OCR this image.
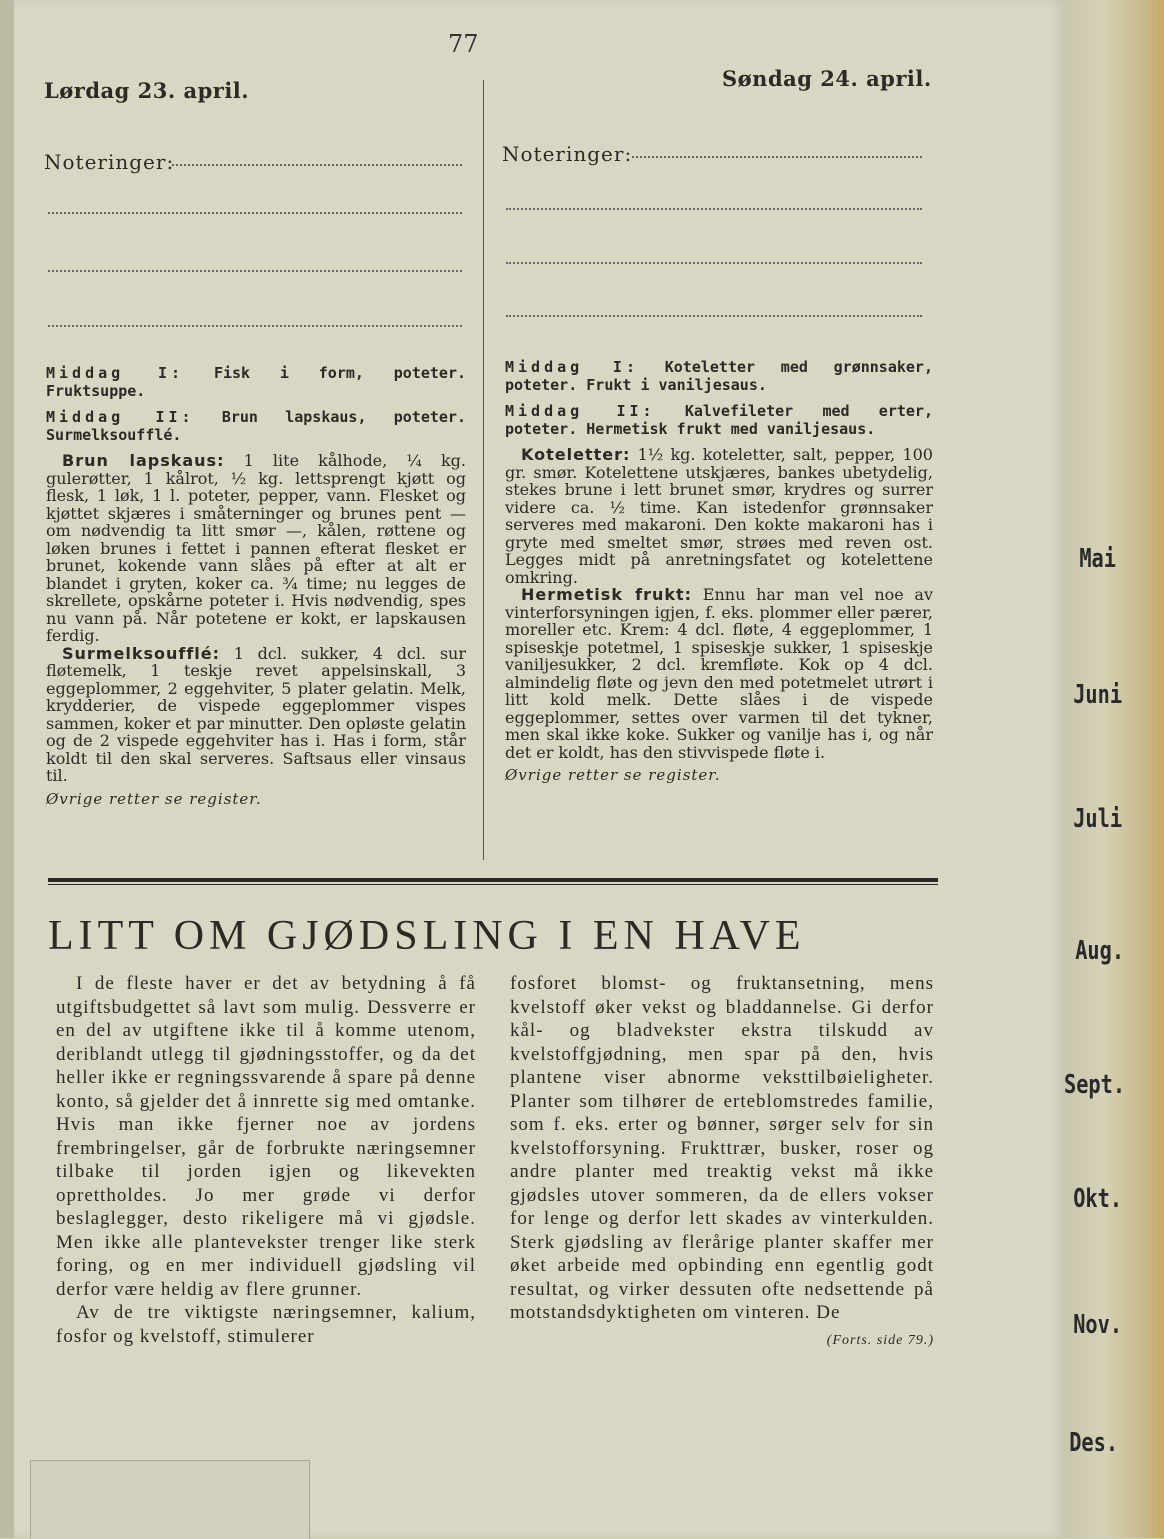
77
Lørdag 23. april.
Noteringer:
Middag I: Fisk i form, poteter. Fruktsuppe.
Middag II: Brun lapskaus, poteter. Surmelksoufflé.

Brun lapskaus: 1 lite kålhode, ¼ kg. gulerøtter, 1 kålrot, ½ kg. lettsprengt kjøtt og flesk, 1 løk, 1 l. poteter, pepper, vann. Flesket og kjøttet skjæres i småterninger og brunes pent — om nødvendig ta litt smør —, kålen, røttene og løken brunes i fettet i pannen efterat flesket er brunet, kokende vann slåes på efter at alt er blandet i gryten, koker ca. ¾ time; nu legges de skrellete, opskårne poteter i. Hvis nødvendig, spes nu vann på. Når potetene er kokt, er lapskausen ferdig.

Surmelksoufflé: 1 dcl. sukker, 4 dcl. sur fløtemelk, 1 teskje revet appelsinskall, 3 eggeplommer, 2 eggehviter, 5 plater gelatin. Melk, krydderier, de vispede eggeplommer vispes sammen, koker et par minutter. Den opløste gelatin og de 2 vispede eggehviter has i. Has i form, står koldt til den skal serveres. Saftsaus eller vinsaus til.

Øvrige retter se register.
Søndag 24. april.
Noteringer:
Middag I: Koteletter med grønnsaker, poteter. Frukt i vaniljesaus.
Middag II: Kalvefileter med erter, poteter. Hermetisk frukt med vaniljesaus.

Koteletter: 1½ kg. koteletter, salt, pepper, 100 gr. smør. Kotelettene utskjæres, bankes ubetydelig, stekes brune i lett brunet smør, krydres og surrer videre ca. ½ time. Kan istedenfor grønnsaker serveres med makaroni. Den kokte makaroni has i gryte med smeltet smør, strøes med reven ost. Legges midt på anretningsfatet og kotelettene omkring.

Hermetisk frukt: Ennu har man vel noe av vinterforsyningen igjen, f. eks. plommer eller pærer, moreller etc. Krem: 4 dcl. fløte, 4 eggeplommer, 1 spiseskje potetmel, 1 spiseskje sukker, 1 spiseskje vaniljesukker, 2 dcl. kremfløte. Kok op 4 dcl. almindelig fløte og jevn den med potetmelet utrørt i litt kold melk. Dette slåes i de vispede eggeplommer, settes over varmen til det tykner, men skal ikke koke. Sukker og vanilje has i, og når det er koldt, has den stivvispede fløte i.

Øvrige retter se register.
LITT OM GJØDSLING I EN HAVE

I de fleste haver er det av betydning å få utgiftsbudgettet så lavt som mulig. Dessverre er en del av utgiftene ikke til å komme utenom, deriblandt utlegg til gjødningsstoffer, og da det heller ikke er regningssvarende å spare på denne konto, så gjelder det å innrette sig med omtanke. Hvis man ikke fjerner noe av jordens frembringelser, går de forbrukte næringsemner tilbake til jorden igjen og likevekten oprettholdes. Jo mer grøde vi derfor beslaglegger, desto rikeligere må vi gjødsle. Men ikke alle plantevekster trenger like sterk foring, og en mer individuell gjødsling vil derfor være heldig av flere grunner.

Av de tre viktigste næringsemner, kalium, fosfor og kvelstoff, stimulerer

fosforet blomst- og fruktansetning, mens kvelstoff øker vekst og bladdannelse. Gi derfor kål- og bladvekster ekstra tilskudd av kvelstoffgjødning, men spar på den, hvis plantene viser abnorme veksttilbøieligheter. Planter som tilhører de erteblomstredes familie, som f. eks. erter og bønner, sørger selv for sin kvelstofforsyning. Frukttrær, busker, roser og andre planter med treaktig vekst må ikke gjødsles utover sommeren, da de ellers vokser for lenge og derfor lett skades av vinterkulden. Sterk gjødsling av flerårige planter skaffer mer øket arbeide med opbinding enn egentlig godt resultat, og virker dessuten ofte nedsettende på motstandsdyktigheten om vinteren. De

(Forts. side 79.)
Mai
Juni
Juli
Aug.
Sept.
Okt.
Nov.
Des.
